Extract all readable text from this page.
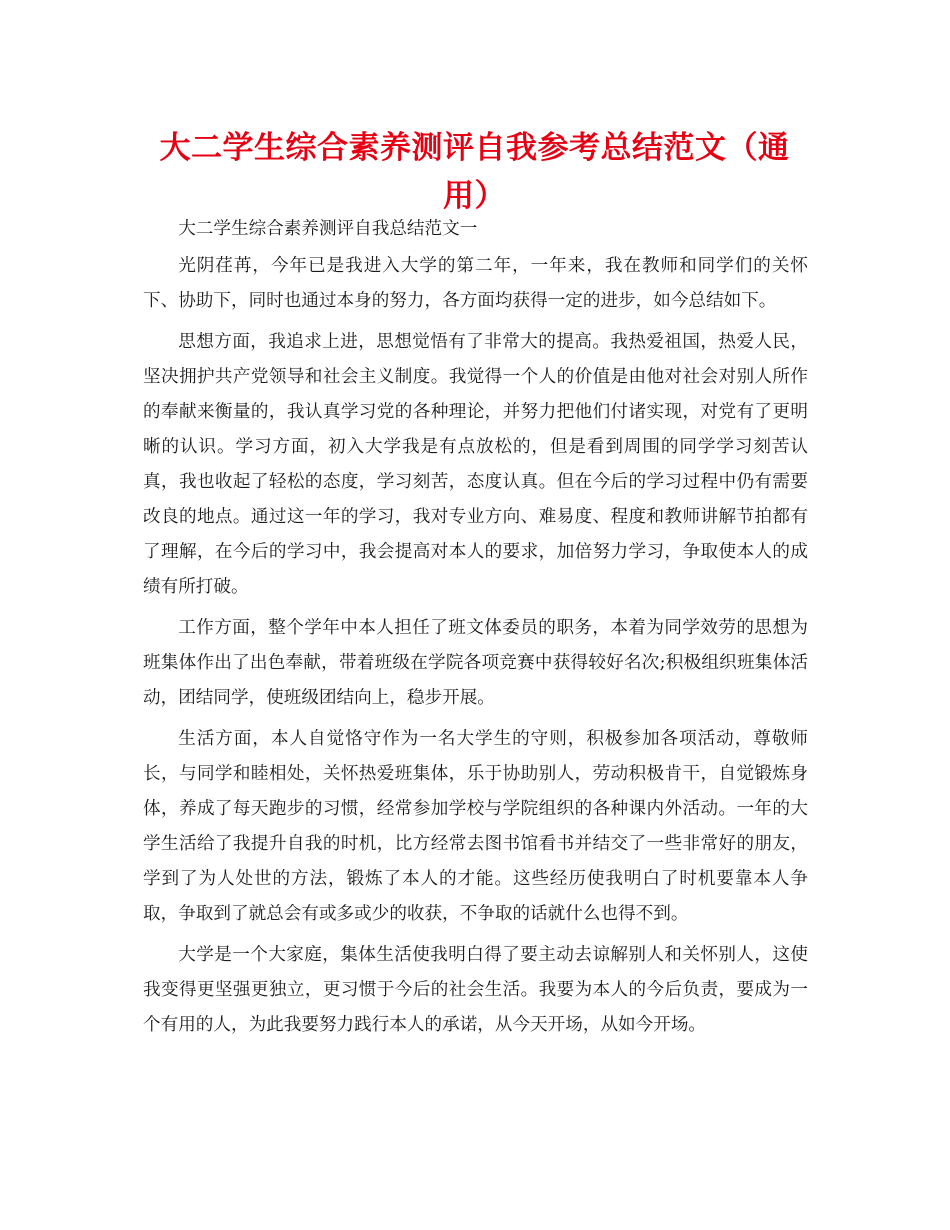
大二学生综合素养测评自我参考总结范文（通用）

大二学生综合素养测评自我总结范文一

光阴荏苒，今年已是我进入大学的第二年，一年来，我在教师和同学们的关怀下、协助下，同时也通过本身的努力，各方面均获得一定的进步，如今总结如下。

思想方面，我追求上进，思想觉悟有了非常大的提高。我热爱祖国，热爱人民，坚决拥护共产党领导和社会主义制度。我觉得一个人的价值是由他对社会对别人所作的奉献来衡量的，我认真学习党的各种理论，并努力把他们付诸实现，对党有了更明晰的认识。学习方面，初入大学我是有点放松的，但是看到周围的同学学习刻苦认真，我也收起了轻松的态度，学习刻苦，态度认真。但在今后的学习过程中仍有需要改良的地点。通过这一年的学习，我对专业方向、难易度、程度和教师讲解节拍都有了理解，在今后的学习中，我会提高对本人的要求，加倍努力学习，争取使本人的成绩有所打破。

工作方面，整个学年中本人担任了班文体委员的职务，本着为同学效劳的思想为班集体作出了出色奉献，带着班级在学院各项竞赛中获得较好名次;积极组织班集体活动，团结同学，使班级团结向上，稳步开展。

生活方面，本人自觉恪守作为一名大学生的守则，积极参加各项活动，尊敬师长，与同学和睦相处，关怀热爱班集体，乐于协助别人，劳动积极肯干，自觉锻炼身体，养成了每天跑步的习惯，经常参加学校与学院组织的各种课内外活动。一年的大学生活给了我提升自我的时机，比方经常去图书馆看书并结交了一些非常好的朋友，学到了为人处世的方法，锻炼了本人的才能。这些经历使我明白了时机要靠本人争取，争取到了就总会有或多或少的收获，不争取的话就什么也得不到。

大学是一个大家庭，集体生活使我明白得了要主动去谅解别人和关怀别人，这使我变得更坚强更独立，更习惯于今后的社会生活。我要为本人的今后负责，要成为一个有用的人，为此我要努力践行本人的承诺，从今天开场，从如今开场。
